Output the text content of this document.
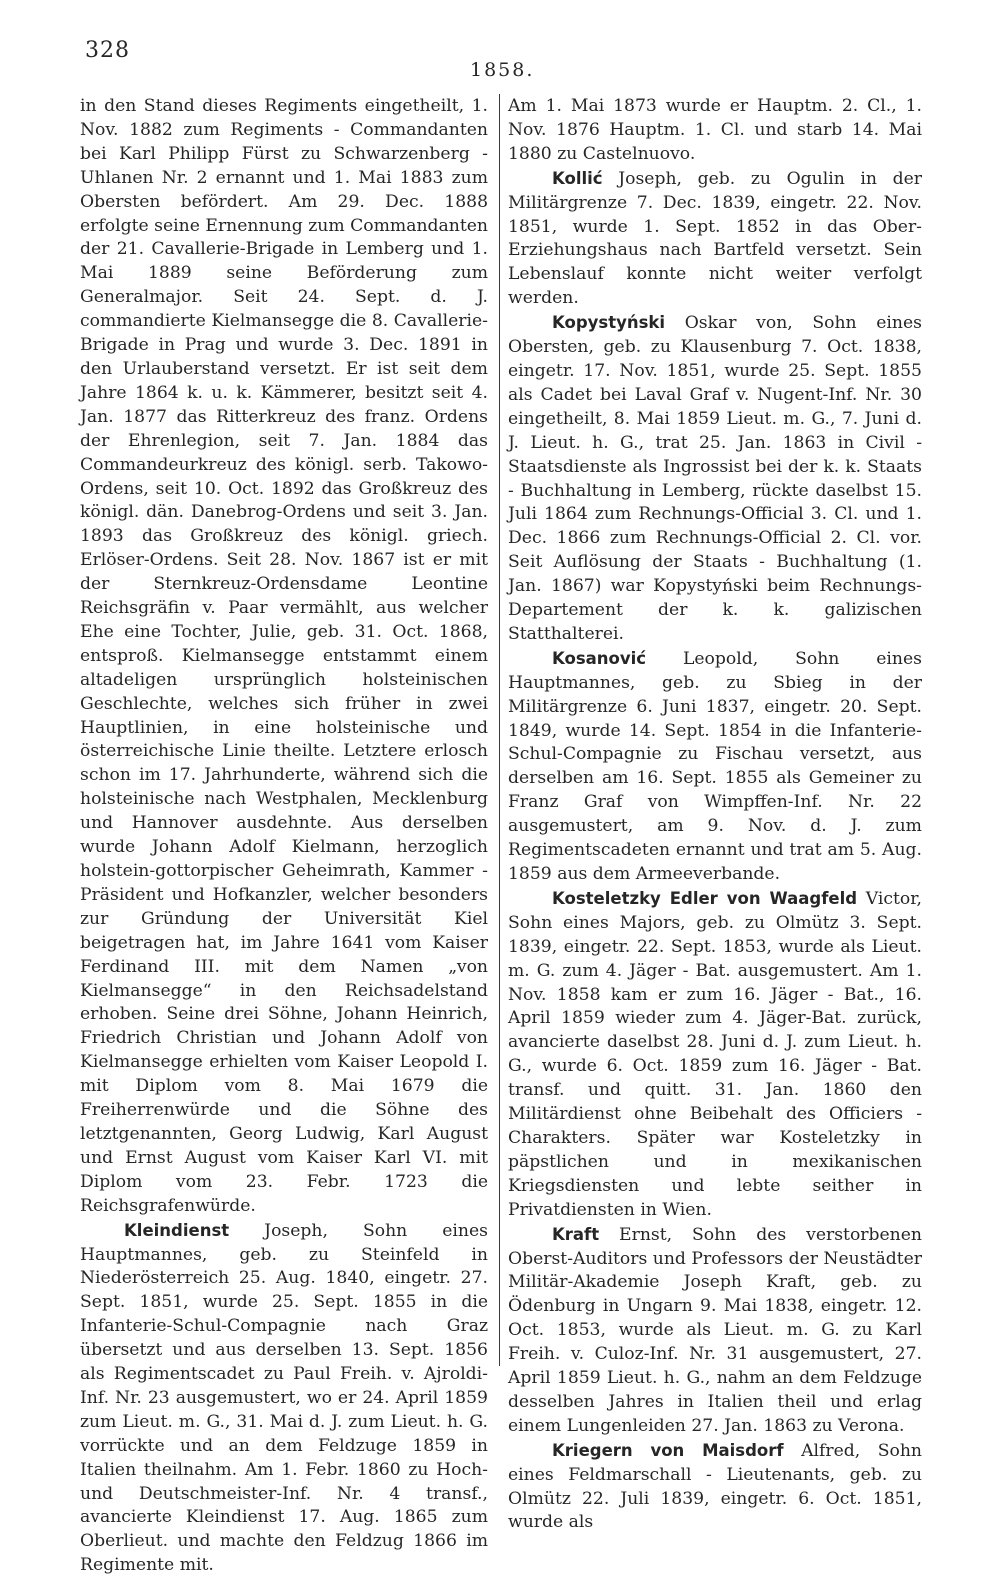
328
1858.

in den Stand dieses Regiments eingetheilt, 1. Nov. 1882 zum Regiments - Commandanten bei Karl Philipp Fürst zu Schwarzenberg - Uhlanen Nr. 2 ernannt und 1. Mai 1883 zum Obersten befördert. Am 29. Dec. 1888 erfolgte seine Ernennung zum Commandanten der 21. Cavallerie-Brigade in Lemberg und 1. Mai 1889 seine Beförderung zum Generalmajor. Seit 24. Sept. d. J. commandierte Kielmansegge die 8. Cavallerie-Brigade in Prag und wurde 3. Dec. 1891 in den Urlauberstand versetzt. Er ist seit dem Jahre 1864 k. u. k. Kämmerer, besitzt seit 4. Jan. 1877 das Ritterkreuz des franz. Ordens der Ehrenlegion, seit 7. Jan. 1884 das Commandeurkreuz des königl. serb. Takowo-Ordens, seit 10. Oct. 1892 das Großkreuz des königl. dän. Danebrog-Ordens und seit 3. Jan. 1893 das Großkreuz des königl. griech. Erlöser-Ordens. Seit 28. Nov. 1867 ist er mit der Sternkreuz-Ordensdame Leontine Reichsgräfin v. Paar vermählt, aus welcher Ehe eine Tochter, Julie, geb. 31. Oct. 1868, entsproß. Kielmansegge entstammt einem altadeligen ursprünglich holsteinischen Geschlechte, welches sich früher in zwei Hauptlinien, in eine holsteinische und österreichische Linie theilte. Letztere erlosch schon im 17. Jahrhunderte, während sich die holsteinische nach Westphalen, Mecklenburg und Hannover ausdehnte. Aus derselben wurde Johann Adolf Kielmann, herzoglich holstein-gottorpischer Geheimrath, Kammer - Präsident und Hofkanzler, welcher besonders zur Gründung der Universität Kiel beigetragen hat, im Jahre 1641 vom Kaiser Ferdinand III. mit dem Namen „von Kielmansegge“ in den Reichsadelstand erhoben. Seine drei Söhne, Johann Heinrich, Friedrich Christian und Johann Adolf von Kielmansegge erhielten vom Kaiser Leopold I. mit Diplom vom 8. Mai 1679 die Freiherrenwürde und die Söhne des letztgenannten, Georg Ludwig, Karl August und Ernst August vom Kaiser Karl VI. mit Diplom vom 23. Febr. 1723 die Reichsgrafenwürde.

Kleindienst Joseph, Sohn eines Hauptmannes, geb. zu Steinfeld in Niederösterreich 25. Aug. 1840, eingetr. 27. Sept. 1851, wurde 25. Sept. 1855 in die Infanterie-Schul-Compagnie nach Graz übersetzt und aus derselben 13. Sept. 1856 als Regimentscadet zu Paul Freih. v. Ajroldi-Inf. Nr. 23 ausgemustert, wo er 24. April 1859 zum Lieut. m. G., 31. Mai d. J. zum Lieut. h. G. vorrückte und an dem Feldzuge 1859 in Italien theilnahm. Am 1. Febr. 1860 zu Hoch- und Deutschmeister-Inf. Nr. 4 transf., avancierte Kleindienst 17. Aug. 1865 zum Oberlieut. und machte den Feldzug 1866 im Regimente mit.

Am 1. Mai 1873 wurde er Hauptm. 2. Cl., 1. Nov. 1876 Hauptm. 1. Cl. und starb 14. Mai 1880 zu Castelnuovo.

Kollić Joseph, geb. zu Ogulin in der Militärgrenze 7. Dec. 1839, eingetr. 22. Nov. 1851, wurde 1. Sept. 1852 in das Ober-Erziehungshaus nach Bartfeld versetzt. Sein Lebenslauf konnte nicht weiter verfolgt werden.

Kopystyński Oskar von, Sohn eines Obersten, geb. zu Klausenburg 7. Oct. 1838, eingetr. 17. Nov. 1851, wurde 25. Sept. 1855 als Cadet bei Laval Graf v. Nugent-Inf. Nr. 30 eingetheilt, 8. Mai 1859 Lieut. m. G., 7. Juni d. J. Lieut. h. G., trat 25. Jan. 1863 in Civil - Staatsdienste als Ingrossist bei der k. k. Staats - Buchhaltung in Lemberg, rückte daselbst 15. Juli 1864 zum Rechnungs-Official 3. Cl. und 1. Dec. 1866 zum Rechnungs-Official 2. Cl. vor. Seit Auflösung der Staats - Buchhaltung (1. Jan. 1867) war Kopystyński beim Rechnungs-Departement der k. k. galizischen Statthalterei.

Kosanović Leopold, Sohn eines Hauptmannes, geb. zu Sbieg in der Militärgrenze 6. Juni 1837, eingetr. 20. Sept. 1849, wurde 14. Sept. 1854 in die Infanterie-Schul-Compagnie zu Fischau versetzt, aus derselben am 16. Sept. 1855 als Gemeiner zu Franz Graf von Wimpffen-Inf. Nr. 22 ausgemustert, am 9. Nov. d. J. zum Regimentscadeten ernannt und trat am 5. Aug. 1859 aus dem Armeeverbande.

Kosteletzky Edler von Waagfeld Victor, Sohn eines Majors, geb. zu Olmütz 3. Sept. 1839, eingetr. 22. Sept. 1853, wurde als Lieut. m. G. zum 4. Jäger - Bat. ausgemustert. Am 1. Nov. 1858 kam er zum 16. Jäger - Bat., 16. April 1859 wieder zum 4. Jäger-Bat. zurück, avancierte daselbst 28. Juni d. J. zum Lieut. h. G., wurde 6. Oct. 1859 zum 16. Jäger - Bat. transf. und quitt. 31. Jan. 1860 den Militärdienst ohne Beibehalt des Officiers - Charakters. Später war Kosteletzky in päpstlichen und in mexikanischen Kriegsdiensten und lebte seither in Privatdiensten in Wien.

Kraft Ernst, Sohn des verstorbenen Oberst-Auditors und Professors der Neustädter Militär-Akademie Joseph Kraft, geb. zu Ödenburg in Ungarn 9. Mai 1838, eingetr. 12. Oct. 1853, wurde als Lieut. m. G. zu Karl Freih. v. Culoz-Inf. Nr. 31 ausgemustert, 27. April 1859 Lieut. h. G., nahm an dem Feldzuge desselben Jahres in Italien theil und erlag einem Lungenleiden 27. Jan. 1863 zu Verona.

Kriegern von Maisdorf Alfred, Sohn eines Feldmarschall - Lieutenants, geb. zu Olmütz 22. Juli 1839, eingetr. 6. Oct. 1851, wurde als
